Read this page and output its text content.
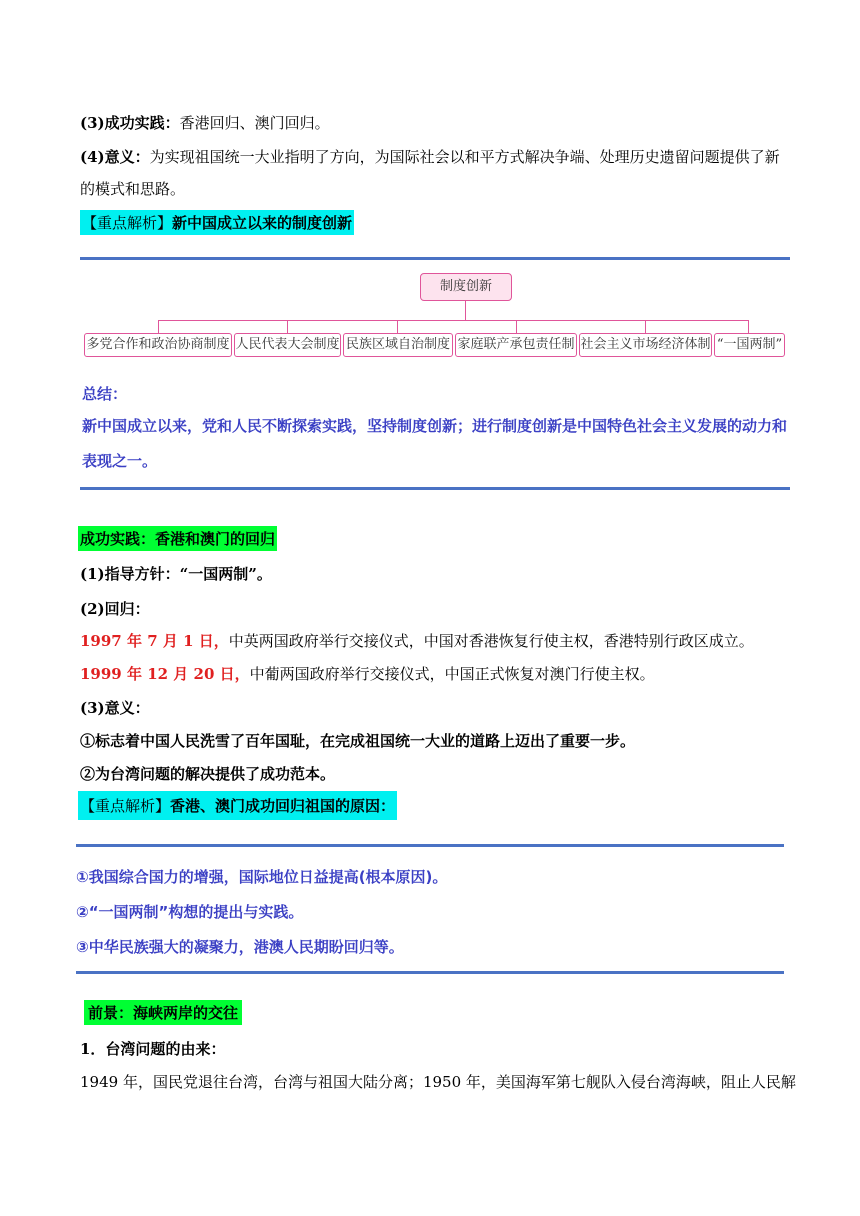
(3)成功实践：香港回归、澳门回归。
(4)意义：为实现祖国统一大业指明了方向，为国际社会以和平方式解决争端、处理历史遗留问题提供了新
的模式和思路。
【重点解析】新中国成立以来的制度创新
制度创新
多党合作和政治协商制度 人民代表大会制度 民族区域自治制度 家庭联产承包责任制 社会主义市场经济体制 “一国两制”
总结：
新中国成立以来，党和人民不断探索实践，坚持制度创新；进行制度创新是中国特色社会主义发展的动力和
表现之一。
成功实践：香港和澳门的回归
(1)指导方针：“一国两制”。
(2)回归：
1997 年 7 月 1 日，中英两国政府举行交接仪式，中国对香港恢复行使主权，香港特别行政区成立。
1999 年 12 月 20 日，中葡两国政府举行交接仪式，中国正式恢复对澳门行使主权。
(3)意义：
①标志着中国人民洗雪了百年国耻，在完成祖国统一大业的道路上迈出了重要一步。
②为台湾问题的解决提供了成功范本。
【重点解析】香港、澳门成功回归祖国的原因：
①我国综合国力的增强，国际地位日益提高(根本原因)。
②“一国两制”构想的提出与实践。
③中华民族强大的凝聚力，港澳人民期盼回归等。
前景：海峡两岸的交往
1．台湾问题的由来：
1949 年，国民党退往台湾，台湾与祖国大陆分离；1950 年，美国海军第七舰队入侵台湾海峡，阻止人民解
